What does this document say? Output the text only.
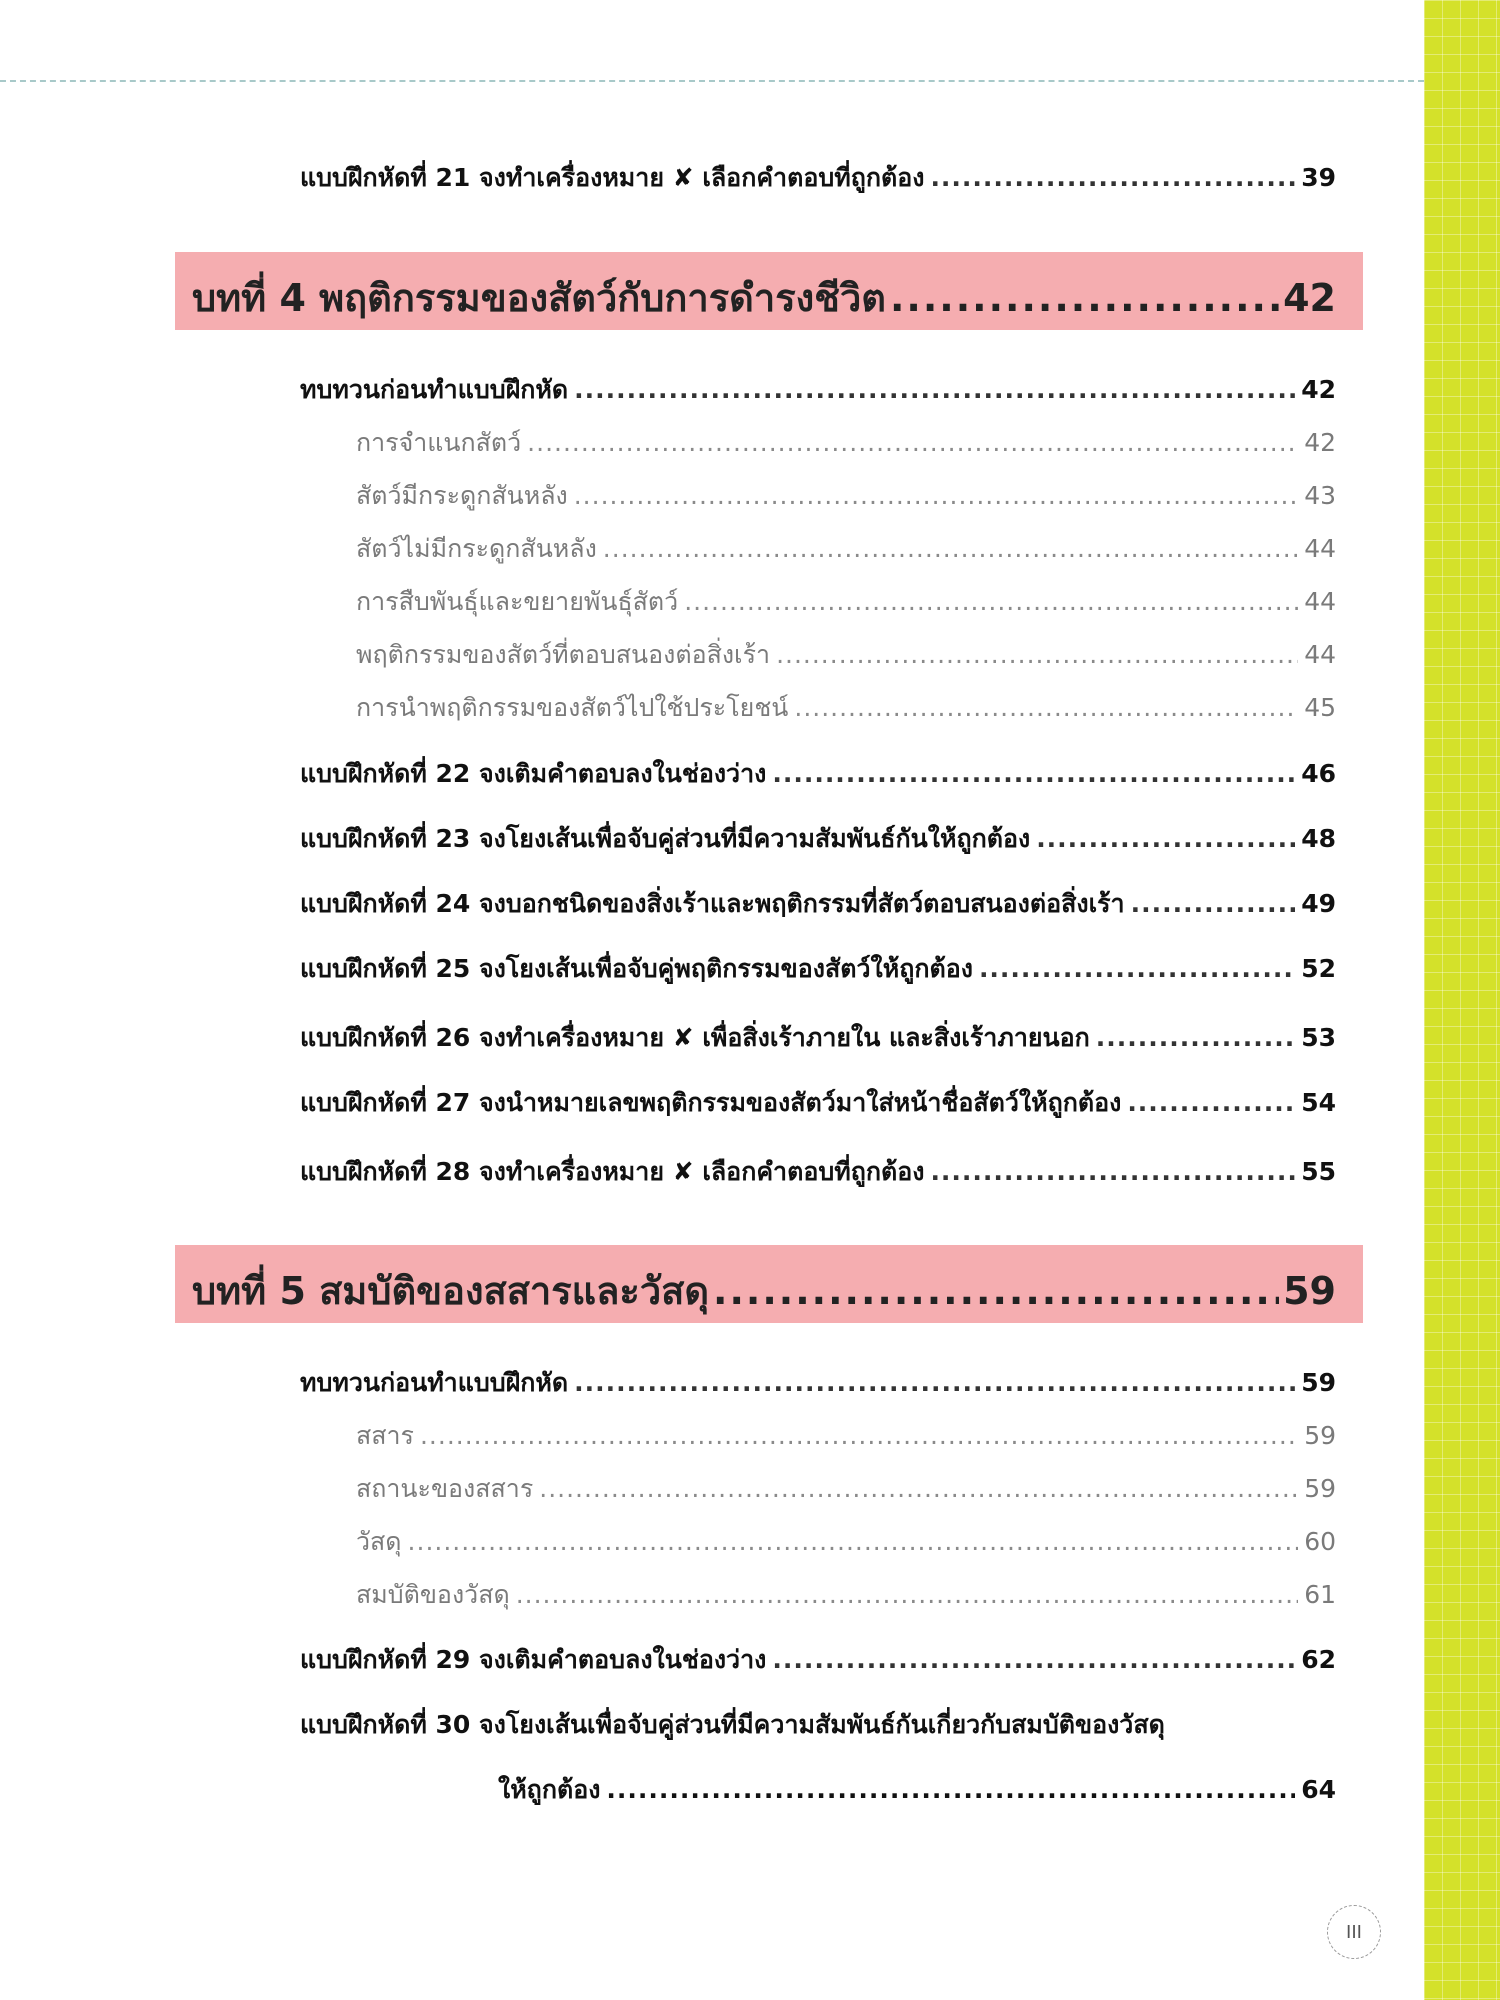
แบบฝึกหัดที่ 21 จงทำเครื่องหมาย ✘ เลือกคำตอบที่ถูกต้อง .....	39
บทที่ 4 พฤติกรรมของสัตว์กับการดำรงชีวิต .....	42
ทบทวนก่อนทำแบบฝึกหัด .....	42
การจำแนกสัตว์ .....	42
สัตว์มีกระดูกสันหลัง .....	43
สัตว์ไม่มีกระดูกสันหลัง .....	44
การสืบพันธุ์และขยายพันธุ์สัตว์ .....	44
พฤติกรรมของสัตว์ที่ตอบสนองต่อสิ่งเร้า .....	44
การนำพฤติกรรมของสัตว์ไปใช้ประโยชน์ .....	45
แบบฝึกหัดที่ 22 จงเติมคำตอบลงในช่องว่าง .....	46
แบบฝึกหัดที่ 23 จงโยงเส้นเพื่อจับคู่ส่วนที่มีความสัมพันธ์กันให้ถูกต้อง .....	48
แบบฝึกหัดที่ 24 จงบอกชนิดของสิ่งเร้าและพฤติกรรมที่สัตว์ตอบสนองต่อสิ่งเร้า .....	49
แบบฝึกหัดที่ 25 จงโยงเส้นเพื่อจับคู่พฤติกรรมของสัตว์ให้ถูกต้อง .....	52
แบบฝึกหัดที่ 26 จงทำเครื่องหมาย ✘ เพื่อสิ่งเร้าภายใน และสิ่งเร้าภายนอก .....	53
แบบฝึกหัดที่ 27 จงนำหมายเลขพฤติกรรมของสัตว์มาใส่หน้าชื่อสัตว์ให้ถูกต้อง .....	54
แบบฝึกหัดที่ 28 จงทำเครื่องหมาย ✘ เลือกคำตอบที่ถูกต้อง .....	55
บทที่ 5 สมบัติของสสารและวัสดุ .....	59
ทบทวนก่อนทำแบบฝึกหัด .....	59
สสาร .....	59
สถานะของสสาร .....	59
วัสดุ .....	60
สมบัติของวัสดุ .....	61
แบบฝึกหัดที่ 29 จงเติมคำตอบลงในช่องว่าง .....	62
แบบฝึกหัดที่ 30 จงโยงเส้นเพื่อจับคู่ส่วนที่มีความสัมพันธ์กันเกี่ยวกับสมบัติของวัสดุ
ให้ถูกต้อง .....	64
III
